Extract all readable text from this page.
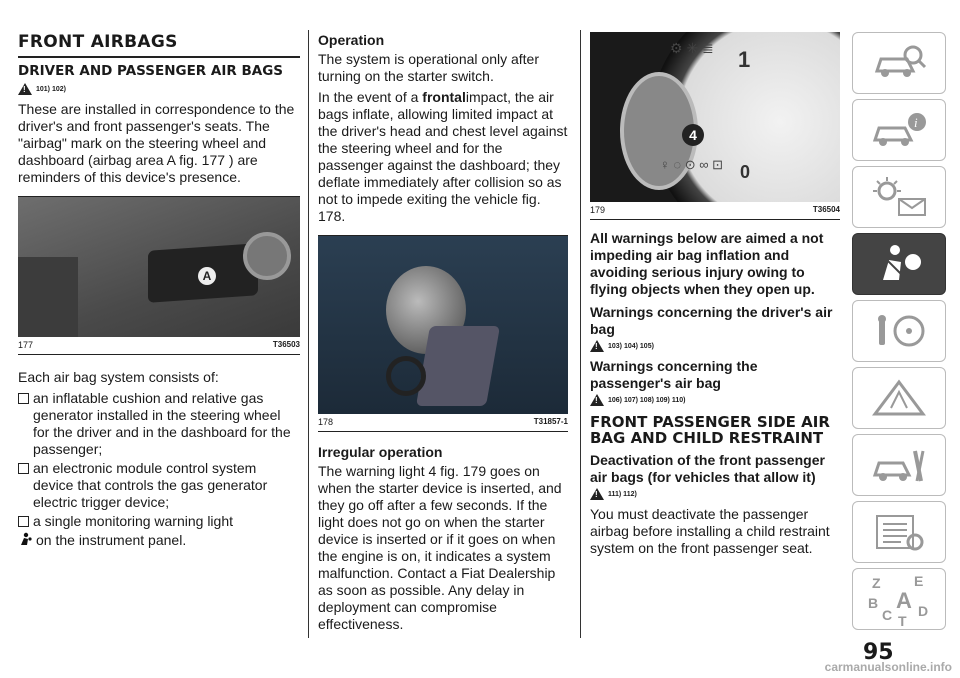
FRONT AIRBAGS
DRIVER AND PASSENGER AIR BAGS
!
101) 102)

These are installed in correspondence to the driver's and front passenger's seats. The "airbag" mark on the steering wheel and dashboard (airbag area A fig. 177 ) are reminders of this device's presence.

A
177	T36503

Each air bag system consists of:

an inflatable cushion and relative gas generator installed in the steering wheel for the driver and in the dashboard for the passenger;
an electronic module control system device that controls the gas generator electric trigger device;
a single monitoring warning light
on the instrument panel.
Operation

The system is operational only after turning on the starter switch.

In the event of a frontalimpact, the air bags inflate, allowing limited impact at the driver's head and chest level against the steering wheel and for the passenger against the dashboard; they deflate immediately after collision so as not to impede exiting the vehicle fig. 178.

178	T31857-1
Irregular operation

The warning light 4 fig. 179 goes on when the starter device is inserted, and they go off after a few seconds. If the light does not go on when the starter device is inserted or if it goes on when the engine is on, it indicates a system malfunction. Contact a Fiat Dealership as soon as possible. Any delay in deployment can compromise effectiveness.

1
0
4
⚙ ✳ ≣
♀ ◌ ⊙ ∞ ⊡
179	T36504
All warnings below are aimed a not impeding air bag inflation and avoiding serious injury owing to flying objects when they open up.
Warnings concerning the driver's air bag
!
103) 104) 105)
Warnings concerning the passenger's air bag
!
106) 107) 108) 109) 110)
FRONT PASSENGER SIDE AIR BAG AND CHILD RESTRAINT
Deactivation of the front passenger air bags (for vehicles that allow it)
!
111) 112)

You must deactivate the passenger airbag before installing a child restraint system on the front passenger seat.

i
Z E
B A
C D
T
95
carmanualsonline.info
